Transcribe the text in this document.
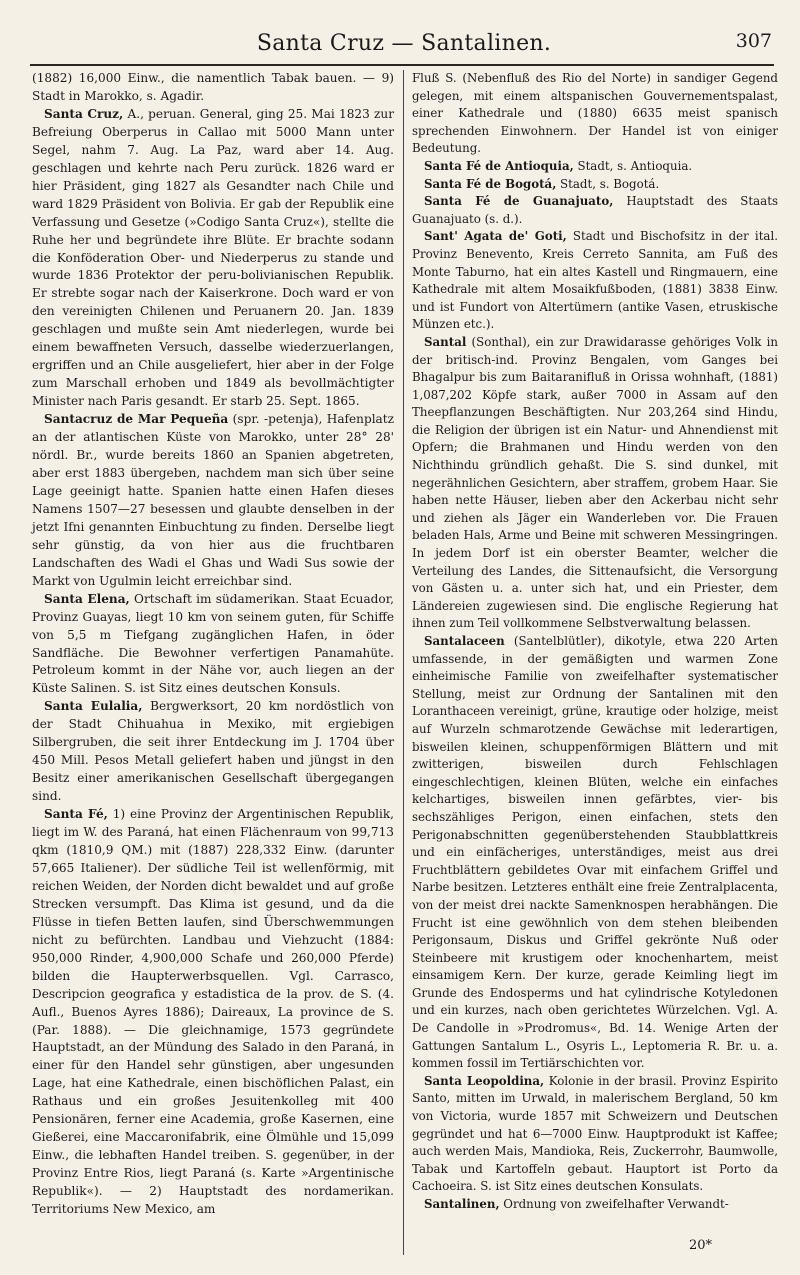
Santa Cruz — Santalinen.	307

(1882) 16,000 Einw., die namentlich Tabak bauen. — 9) Stadt in Marokko, s. Agadir.

Santa Cruz, A., peruan. General, ging 25. Mai 1823 zur Befreiung Oberperus in Callao mit 5000 Mann unter Segel, nahm 7. Aug. La Paz, ward aber 14. Aug. geschlagen und kehrte nach Peru zurück. 1826 ward er hier Präsident, ging 1827 als Gesandter nach Chile und ward 1829 Präsident von Bolivia. Er gab der Republik eine Verfassung und Gesetze (»Codigo Santa Cruz«), stellte die Ruhe her und begründete ihre Blüte. Er brachte sodann die Konföderation Ober- und Niederperus zu stande und wurde 1836 Protektor der peru-bolivianischen Republik. Er strebte sogar nach der Kaiserkrone. Doch ward er von den vereinigten Chilenen und Peruanern 20. Jan. 1839 geschlagen und mußte sein Amt niederlegen, wurde bei einem bewaffneten Versuch, dasselbe wiederzuerlangen, ergriffen und an Chile ausgeliefert, hier aber in der Folge zum Marschall erhoben und 1849 als bevollmächtigter Minister nach Paris gesandt. Er starb 25. Sept. 1865.

Santacruz de Mar Pequeña (spr. -petenja), Hafenplatz an der atlantischen Küste von Marokko, unter 28° 28' nördl. Br., wurde bereits 1860 an Spanien abgetreten, aber erst 1883 übergeben, nachdem man sich über seine Lage geeinigt hatte. Spanien hatte einen Hafen dieses Namens 1507—27 besessen und glaubte denselben in der jetzt Ifni genannten Einbuchtung zu finden. Derselbe liegt sehr günstig, da von hier aus die fruchtbaren Landschaften des Wadi el Ghas und Wadi Sus sowie der Markt von Ugulmin leicht erreichbar sind.

Santa Elena, Ortschaft im südamerikan. Staat Ecuador, Provinz Guayas, liegt 10 km von seinem guten, für Schiffe von 5,5 m Tiefgang zugänglichen Hafen, in öder Sandfläche. Die Bewohner verfertigen Panamahüte. Petroleum kommt in der Nähe vor, auch liegen an der Küste Salinen. S. ist Sitz eines deutschen Konsuls.

Santa Eulalia, Bergwerksort, 20 km nordöstlich von der Stadt Chihuahua in Mexiko, mit ergiebigen Silbergruben, die seit ihrer Entdeckung im J. 1704 über 450 Mill. Pesos Metall geliefert haben und jüngst in den Besitz einer amerikanischen Gesellschaft übergegangen sind.

Santa Fé, 1) eine Provinz der Argentinischen Republik, liegt im W. des Paraná, hat einen Flächenraum von 99,713 qkm (1810,9 QM.) mit (1887) 228,332 Einw. (darunter 57,665 Italiener). Der südliche Teil ist wellenförmig, mit reichen Weiden, der Norden dicht bewaldet und auf große Strecken versumpft. Das Klima ist gesund, und da die Flüsse in tiefen Betten laufen, sind Überschwemmungen nicht zu befürchten. Landbau und Viehzucht (1884: 950,000 Rinder, 4,900,000 Schafe und 260,000 Pferde) bilden die Haupterwerbsquellen. Vgl. Carrasco, Descripcion geografica y estadistica de la prov. de S. (4. Aufl., Buenos Ayres 1886); Daireaux, La province de S. (Par. 1888). — Die gleichnamige, 1573 gegründete Hauptstadt, an der Mündung des Salado in den Paraná, in einer für den Handel sehr günstigen, aber ungesunden Lage, hat eine Kathedrale, einen bischöflichen Palast, ein Rathaus und ein großes Jesuitenkolleg mit 400 Pensionären, ferner eine Academia, große Kasernen, eine Gießerei, eine Maccaronifabrik, eine Ölmühle und 15,099 Einw., die lebhaften Handel treiben. S. gegenüber, in der Provinz Entre Rios, liegt Paraná (s. Karte »Argentinische Republik«). — 2) Hauptstadt des nordamerikan. Territoriums New Mexico, am

Fluß S. (Nebenfluß des Rio del Norte) in sandiger Gegend gelegen, mit einem altspanischen Gouvernementspalast, einer Kathedrale und (1880) 6635 meist spanisch sprechenden Einwohnern. Der Handel ist von einiger Bedeutung.

Santa Fé de Antioquia, Stadt, s. Antioquia.

Santa Fé de Bogotá, Stadt, s. Bogotá.

Santa Fé de Guanajuato, Hauptstadt des Staats Guanajuato (s. d.).

Sant' Agata de' Goti, Stadt und Bischofsitz in der ital. Provinz Benevento, Kreis Cerreto Sannita, am Fuß des Monte Taburno, hat ein altes Kastell und Ringmauern, eine Kathedrale mit altem Mosaikfußboden, (1881) 3838 Einw. und ist Fundort von Altertümern (antike Vasen, etruskische Münzen etc.).

Santal (Sonthal), ein zur Drawidarasse gehöriges Volk in der britisch-ind. Provinz Bengalen, vom Ganges bei Bhagalpur bis zum Baitaranifluß in Orissa wohnhaft, (1881) 1,087,202 Köpfe stark, außer 7000 in Assam auf den Theepflanzungen Beschäftigten. Nur 203,264 sind Hindu, die Religion der übrigen ist ein Natur- und Ahnendienst mit Opfern; die Brahmanen und Hindu werden von den Nichthindu gründlich gehaßt. Die S. sind dunkel, mit negerähnlichen Gesichtern, aber straffem, grobem Haar. Sie haben nette Häuser, lieben aber den Ackerbau nicht sehr und ziehen als Jäger ein Wanderleben vor. Die Frauen beladen Hals, Arme und Beine mit schweren Messingringen. In jedem Dorf ist ein oberster Beamter, welcher die Verteilung des Landes, die Sittenaufsicht, die Versorgung von Gästen u. a. unter sich hat, und ein Priester, dem Ländereien zugewiesen sind. Die englische Regierung hat ihnen zum Teil vollkommene Selbstverwaltung belassen.

Santalaceen (Santelblütler), dikotyle, etwa 220 Arten umfassende, in der gemäßigten und warmen Zone einheimische Familie von zweifelhafter systematischer Stellung, meist zur Ordnung der Santalinen mit den Loranthaceen vereinigt, grüne, krautige oder holzige, meist auf Wurzeln schmarotzende Gewächse mit lederartigen, bisweilen kleinen, schuppenförmigen Blättern und mit zwitterigen, bisweilen durch Fehlschlagen eingeschlechtigen, kleinen Blüten, welche ein einfaches kelchartiges, bisweilen innen gefärbtes, vier- bis sechszähliges Perigon, einen einfachen, stets den Perigonabschnitten gegenüberstehenden Staubblattkreis und ein einfächeriges, unterständiges, meist aus drei Fruchtblättern gebildetes Ovar mit einfachem Griffel und Narbe besitzen. Letzteres enthält eine freie Zentralplacenta, von der meist drei nackte Samenknospen herabhängen. Die Frucht ist eine gewöhnlich von dem stehen bleibenden Perigonsaum, Diskus und Griffel gekrönte Nuß oder Steinbeere mit krustigem oder knochenhartem, meist einsamigem Kern. Der kurze, gerade Keimling liegt im Grunde des Endosperms und hat cylindrische Kotyledonen und ein kurzes, nach oben gerichtetes Würzelchen. Vgl. A. De Candolle in »Prodromus«, Bd. 14. Wenige Arten der Gattungen Santalum L., Osyris L., Leptomeria R. Br. u. a. kommen fossil im Tertiärschichten vor.

Santa Leopoldina, Kolonie in der brasil. Provinz Espirito Santo, mitten im Urwald, in malerischem Bergland, 50 km von Victoria, wurde 1857 mit Schweizern und Deutschen gegründet und hat 6—7000 Einw. Hauptprodukt ist Kaffee; auch werden Mais, Mandioka, Reis, Zuckerrohr, Baumwolle, Tabak und Kartoffeln gebaut. Hauptort ist Porto da Cachoeira. S. ist Sitz eines deutschen Konsulats.

Santalinen, Ordnung von zweifelhafter Verwandt-

20*
